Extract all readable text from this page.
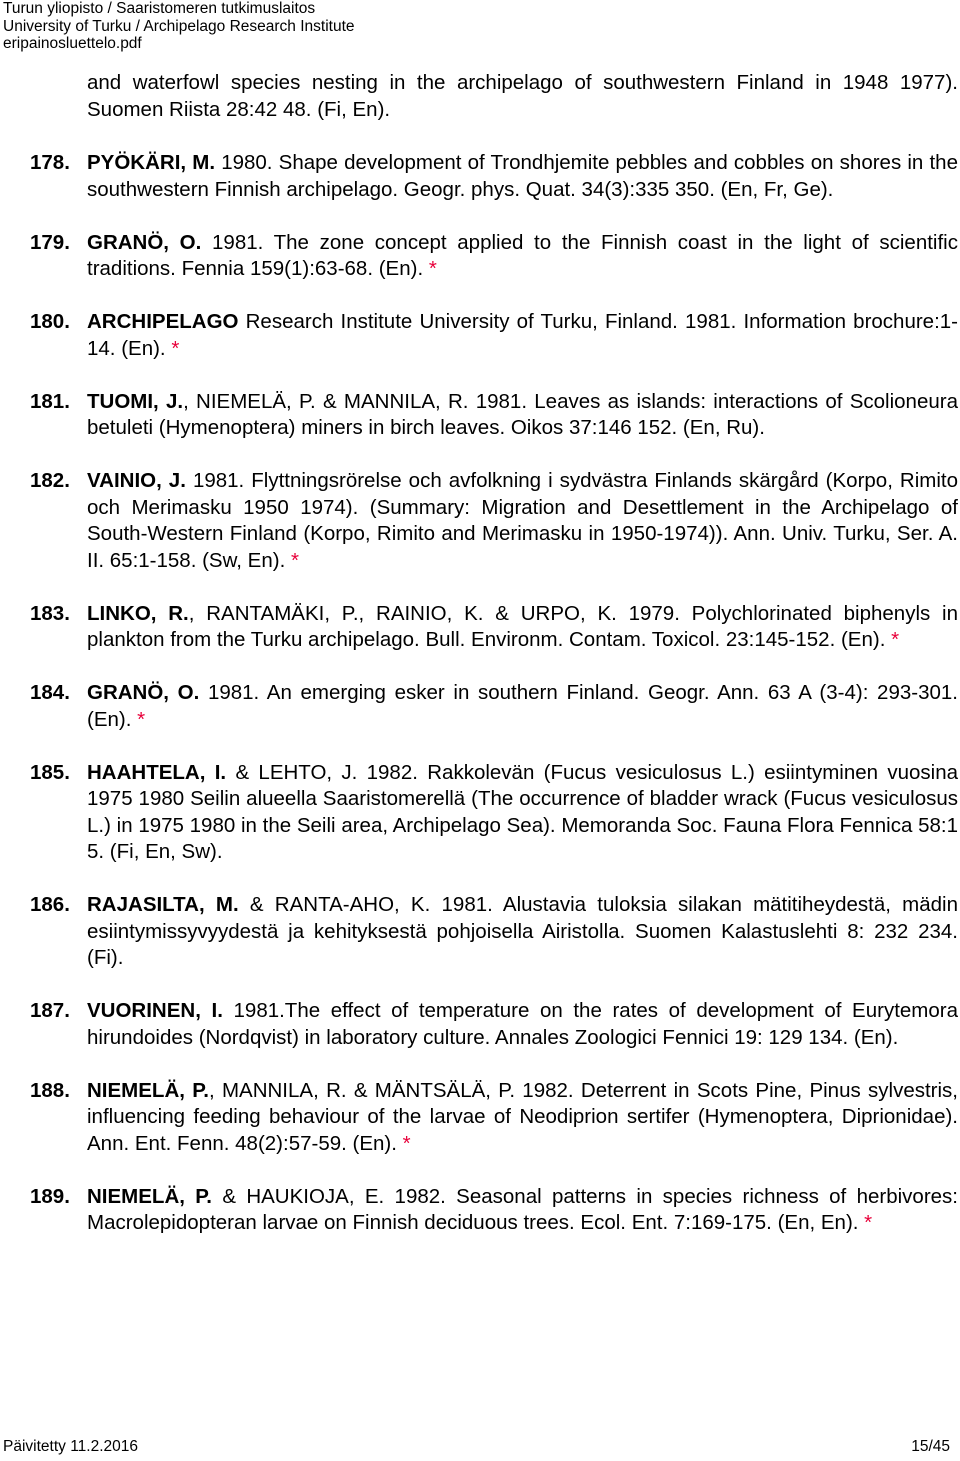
Turun yliopisto / Saaristomeren tutkimuslaitos
University of Turku / Archipelago Research Institute
eripainosluettelo.pdf
and waterfowl species nesting in the archipelago of southwestern Finland in 1948 1977). Suomen Riista 28:42 48. (Fi, En).
178. PYÖKÄRI, M. 1980. Shape development of Trondhjemite pebbles and cobbles on shores in the southwestern Finnish archipelago. Geogr. phys. Quat. 34(3):335 350. (En, Fr, Ge).
179. GRANÖ, O. 1981. The zone concept applied to the Finnish coast in the light of scientific traditions. Fennia 159(1):63-68. (En). *
180. ARCHIPELAGO Research Institute University of Turku, Finland. 1981. Information brochure:1-14. (En). *
181. TUOMI, J., NIEMELÄ, P. & MANNILA, R. 1981. Leaves as islands: interactions of Scolioneura betuleti (Hymenoptera) miners in birch leaves. Oikos 37:146 152. (En, Ru).
182. VAINIO, J. 1981. Flyttningsrörelse och avfolkning i sydvästra Finlands skärgård (Korpo, Rimito och Merimasku 1950 1974). (Summary: Migration and Desettlement in the Archipelago of South-Western Finland (Korpo, Rimito and Merimasku in 1950-1974)). Ann. Univ. Turku, Ser. A. II. 65:1-158. (Sw, En). *
183. LINKO, R., RANTAMÄKI, P., RAINIO, K. & URPO, K. 1979. Polychlorinated biphenyls in plankton from the Turku archipelago. Bull. Environm. Contam. Toxicol. 23:145-152. (En). *
184. GRANÖ, O. 1981. An emerging esker in southern Finland. Geogr. Ann. 63 A (3-4): 293-301. (En). *
185. HAAHTELA, I. & LEHTO, J. 1982. Rakkolevän (Fucus vesiculosus L.) esiintyminen vuosina 1975 1980 Seilin alueella Saaristomerellä (The occurrence of bladder wrack (Fucus vesiculosus L.) in 1975 1980 in the Seili area, Archipelago Sea). Memoranda Soc. Fauna Flora Fennica 58:1 5. (Fi, En, Sw).
186. RAJASILTA, M. & RANTA-AHO, K. 1981. Alustavia tuloksia silakan mätitiheydestä, mädin esiintymissyvyydestä ja kehityksestä pohjoisella Airistolla. Suomen Kalastuslehti 8: 232 234. (Fi).
187. VUORINEN, I. 1981.The effect of temperature on the rates of development of Eurytemora hirundoides (Nordqvist) in laboratory culture. Annales Zoologici Fennici 19: 129 134. (En).
188. NIEMELÄ, P., MANNILA, R. & MÄNTSÄLÄ, P. 1982. Deterrent in Scots Pine, Pinus sylvestris, influencing feeding behaviour of the larvae of Neodiprion sertifer (Hymenoptera, Diprionidae). Ann. Ent. Fenn. 48(2):57-59. (En). *
189. NIEMELÄ, P. & HAUKIOJA, E. 1982. Seasonal patterns in species richness of herbivores: Macrolepidopteran larvae on Finnish deciduous trees. Ecol. Ent. 7:169-175. (En, En). *
Päivitetty 11.2.2016	15/45
